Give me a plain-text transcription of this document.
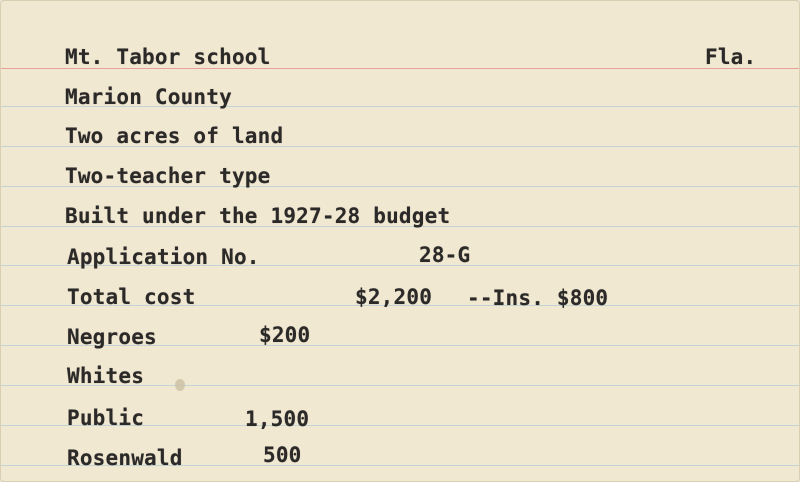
Mt. Tabor school	Fla.
Marion County
Two acres of land
Two-teacher type
Built under the 1927-28 budget
Application No.	28-G
Total cost	$2,200 --Ins. $800
Negroes	$200
Whites
Public	1,500
Rosenwald	500
